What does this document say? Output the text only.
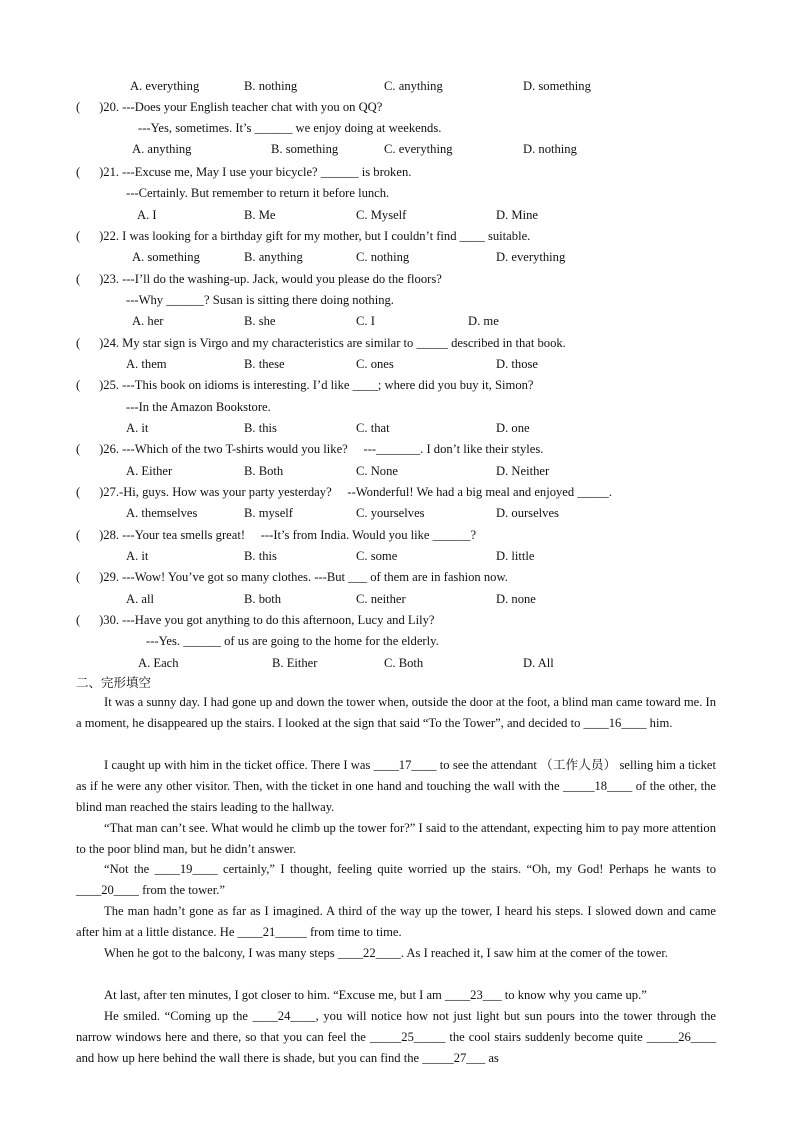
A. everything	B. nothing	C. anything	D. something
(      )20. ---Does your English teacher chat with you on QQ?
---Yes, sometimes. It’s ______ we enjoy doing at weekends.
A. anything	B. something	C. everything	D. nothing
(      )21. ---Excuse me, May I use your bicycle? ______ is broken.
---Certainly. But remember to return it before lunch.
A. I	B. Me	C. Myself	D. Mine
(      )22. I was looking for a birthday gift for my mother, but I couldn’t find ____ suitable.
A. something	B. anything	C. nothing	D. everything
(      )23. ---I’ll do the washing-up. Jack, would you please do the floors?
---Why ______? Susan is sitting there doing nothing.
A. her	B. she	C. I	D. me
(      )24. My star sign is Virgo and my characteristics are similar to _____ described in that book.
A. them	B. these	C. ones	D. those
(      )25. ---This book on idioms is interesting. I’d like ____; where did you buy it, Simon?
---In the Amazon Bookstore.
A. it	B. this	C. that	D. one
(      )26. ---Which of the two T-shirts would you like?     ---_______. I don’t like their styles.
A. Either	B. Both	C. None	D. Neither
(      )27.-Hi, guys. How was your party yesterday?     --Wonderful! We had a big meal and enjoyed _____.
A. themselves	B. myself	C. yourselves	D. ourselves
(      )28. ---Your tea smells great!     ---It’s from India. Would you like ______?
A. it	B. this	C. some	D. little
(      )29. ---Wow! You’ve got so many clothes. ---But ___ of them are in fashion now.
A. all	B. both	C. neither	D. none
(      )30. ---Have you got anything to do this afternoon, Lucy and Lily?
---Yes. ______ of us are going to the home for the elderly.
A. Each	B. Either	C. Both	D. All
二、完形填空
It was a sunny day. I had gone up and down the tower when, outside the door at the foot, a blind man came toward me. In a moment, he disappeared up the stairs. I looked at the sign that said “To the Tower”, and decided to ____16____ him.
I caught up with him in the ticket office. There I was ____17____ to see the attendant （工作人员） selling him a ticket as if he were any other visitor. Then, with the ticket in one hand and touching the wall with the _____18____ of the other, the blind man reached the stairs leading to the hallway.
“That man can’t see. What would he climb up the tower for?” I said to the attendant, expecting him to pay more attention to the poor blind man, but he didn’t answer.
“Not the ____19____ certainly,” I thought, feeling quite worried up the stairs. “Oh, my God! Perhaps he wants to ____20____ from the tower.”
The man hadn’t gone as far as I imagined. A third of the way up the tower, I heard his steps. I slowed down and came after him at a little distance. He ____21_____ from time to time.
When he got to the balcony, I was many steps ____22____. As I reached it, I saw him at the comer of the tower.
At last, after ten minutes, I got closer to him. “Excuse me, but I am ____23___ to know why you came up.”
He smiled. “Coming up the ____24____, you will notice how not just light but sun pours into the tower through the narrow windows here and there, so that you can feel the _____25_____ the cool stairs suddenly become quite _____26____ and how up here behind the wall there is shade, but you can find the _____27___ as
